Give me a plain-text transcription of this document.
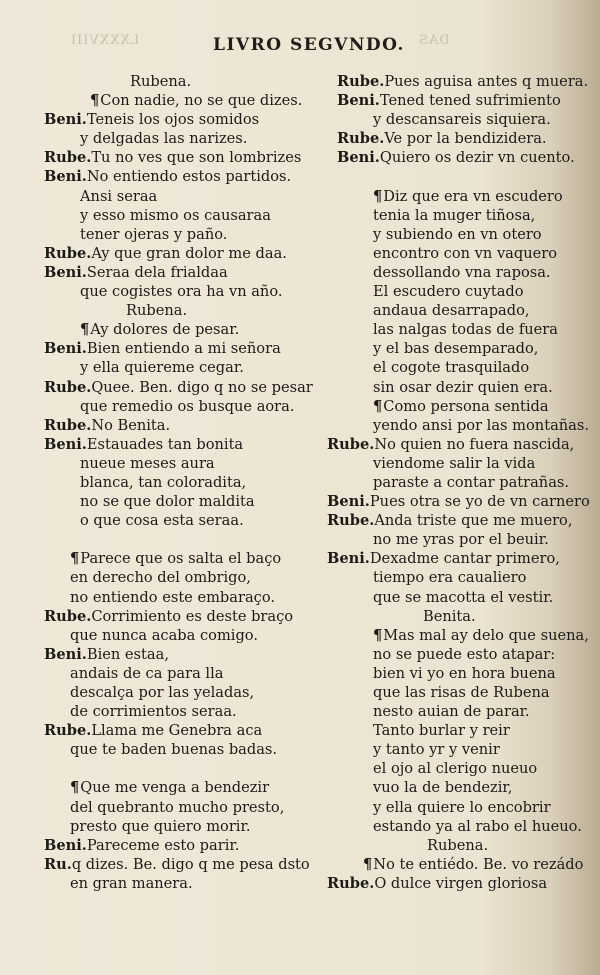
LXXXVIII	DAS
LIVRO SEGVNDO.
Rubena.
¶Con nadie, no se que dizes.
Beni.Teneis los ojos somidos
y delgadas las narizes.
Rube.Tu no ves que son lombrizes
Beni.No entiendo estos partidos.
Ansi seraa
y esso mismo os causaraa
tener ojeras y paño.
Rube.Ay que gran dolor me daa.
Beni.Seraa dela frialdaa
que cogistes ora ha vn año.
Rubena.
¶Ay dolores de pesar.
Beni.Bien entiendo a mi señora
y ella quiereme cegar.
Rube.Quee. Ben. digo q no se pesar
que remedio os busque aora.
Rube.No Benita.
Beni.Estauades tan bonita
nueue meses aura
blanca, tan coloradita,
no se que dolor maldita
o que cosa esta seraa.
¶Parece que os salta el baço
en derecho del ombrigo,
no entiendo este embaraço.
Rube.Corrimiento es deste braço
que nunca acaba comigo.
Beni.Bien estaa,
andais de ca para lla
descalça por las yeladas,
de corrimientos seraa.
Rube.Llama me Genebra aca
que te baden buenas badas.
¶Que me venga a bendezir
del quebranto mucho presto,
presto que quiero morir.
Beni.Pareceme esto parir.
Ru.q dizes. Be. digo q me pesa dsto
en gran manera.
Rube.Pues aguisa antes q muera.
Beni.Tened tened sufrimiento
y descansareis siquiera.
Rube.Ve por la bendizidera.
Beni.Quiero os dezir vn cuento.
¶Diz que era vn escudero
tenia la muger tiñosa,
y subiendo en vn otero
encontro con vn vaquero
dessollando vna raposa.
El escudero cuytado
andaua desarrapado,
las nalgas todas de fuera
y el bas desemparado,
el cogote trasquilado
sin osar dezir quien era.
¶Como persona sentida
yendo ansi por las montañas.
Rube.No quien no fuera nascida,
viendome salir la vida
paraste a contar patrañas.
Beni.Pues otra se yo de vn carnero
Rube.Anda triste que me muero,
no me yras por el beuir.
Beni.Dexadme cantar primero,
tiempo era caualiero
que se macotta el vestir.
Benita.
¶Mas mal ay delo que suena,
no se puede esto atapar:
bien vi yo en hora buena
que las risas de Rubena
nesto auian de parar.
Tanto burlar y reir
y tanto yr y venir
el ojo al clerigo nueuo
vuo la de bendezir,
y ella quiere lo encobrir
estando ya al rabo el hueuo.
Rubena.
¶No te entiédo. Be. vo rezádo
Rube.O dulce virgen gloriosa
